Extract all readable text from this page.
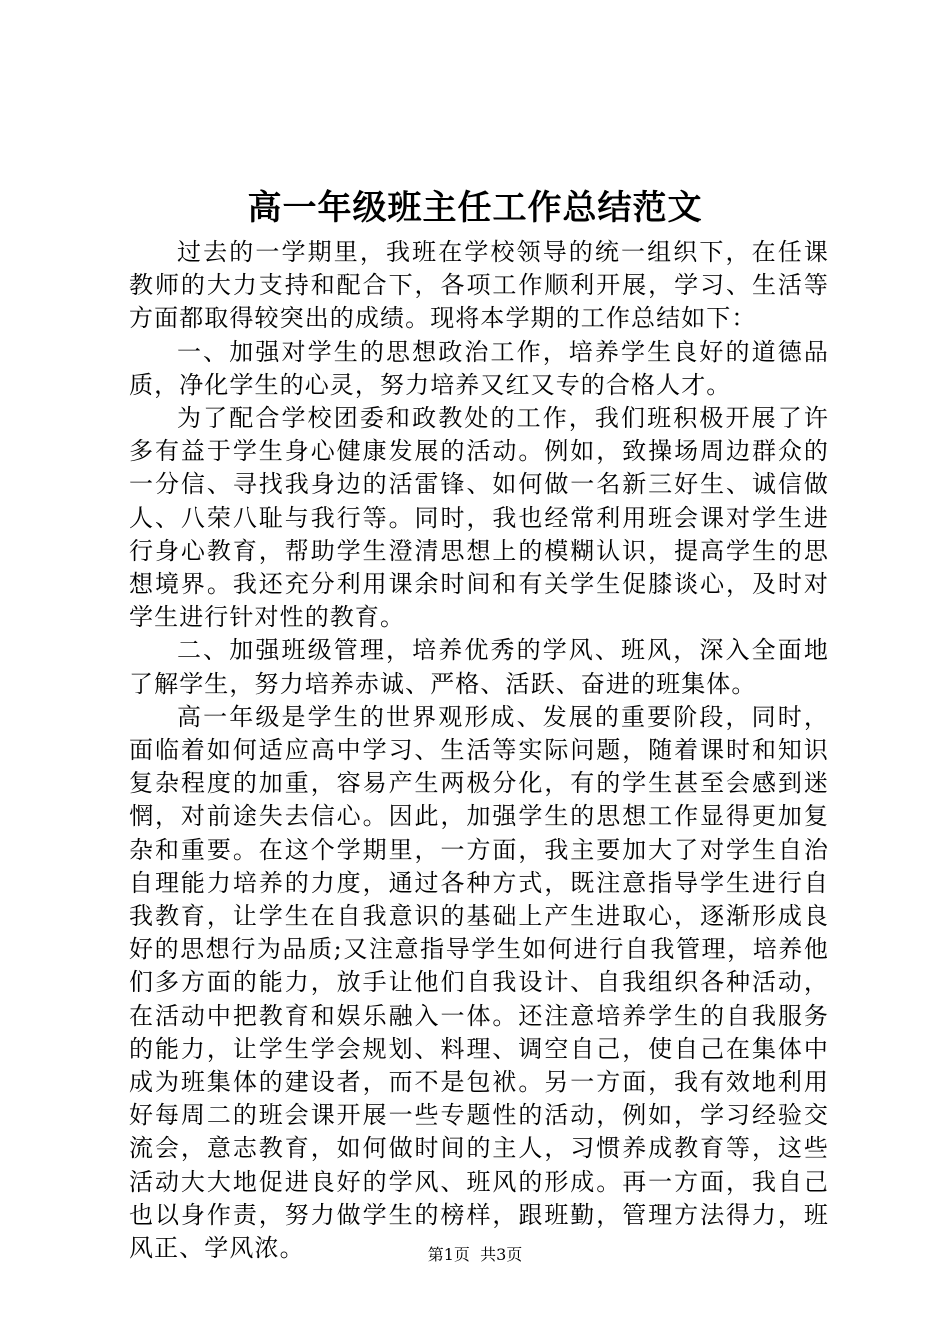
高一年级班主任工作总结范文

过去的一学期里，我班在学校领导的统一组织下，在任课教师的大力支持和配合下，各项工作顺利开展，学习、生活等方面都取得较突出的成绩。现将本学期的工作总结如下：

一、加强对学生的思想政治工作，培养学生良好的道德品质，净化学生的心灵，努力培养又红又专的合格人才。

为了配合学校团委和政教处的工作，我们班积极开展了许多有益于学生身心健康发展的活动。例如，致操场周边群众的一分信、寻找我身边的活雷锋、如何做一名新三好生、诚信做人、八荣八耻与我行等。同时，我也经常利用班会课对学生进行身心教育，帮助学生澄清思想上的模糊认识，提高学生的思想境界。我还充分利用课余时间和有关学生促膝谈心，及时对学生进行针对性的教育。

二、加强班级管理，培养优秀的学风、班风，深入全面地了解学生，努力培养赤诚、严格、活跃、奋进的班集体。

高一年级是学生的世界观形成、发展的重要阶段，同时，面临着如何适应高中学习、生活等实际问题，随着课时和知识复杂程度的加重，容易产生两极分化，有的学生甚至会感到迷惘，对前途失去信心。因此，加强学生的思想工作显得更加复杂和重要。在这个学期里，一方面，我主要加大了对学生自治自理能力培养的力度，通过各种方式，既注意指导学生进行自我教育，让学生在自我意识的基础上产生进取心，逐渐形成良好的思想行为品质;又注意指导学生如何进行自我管理，培养他们多方面的能力，放手让他们自我设计、自我组织各种活动，在活动中把教育和娱乐融入一体。还注意培养学生的自我服务的能力，让学生学会规划、料理、调空自己，使自己在集体中成为班集体的建设者，而不是包袱。另一方面，我有效地利用好每周二的班会课开展一些专题性的活动，例如，学习经验交流会，意志教育，如何做时间的主人，习惯养成教育等，这些活动大大地促进良好的学风、班风的形成。再一方面，我自己也以身作责，努力做学生的榜样，跟班勤，管理方法得力，班风正、学风浓。	第1页 共3页
